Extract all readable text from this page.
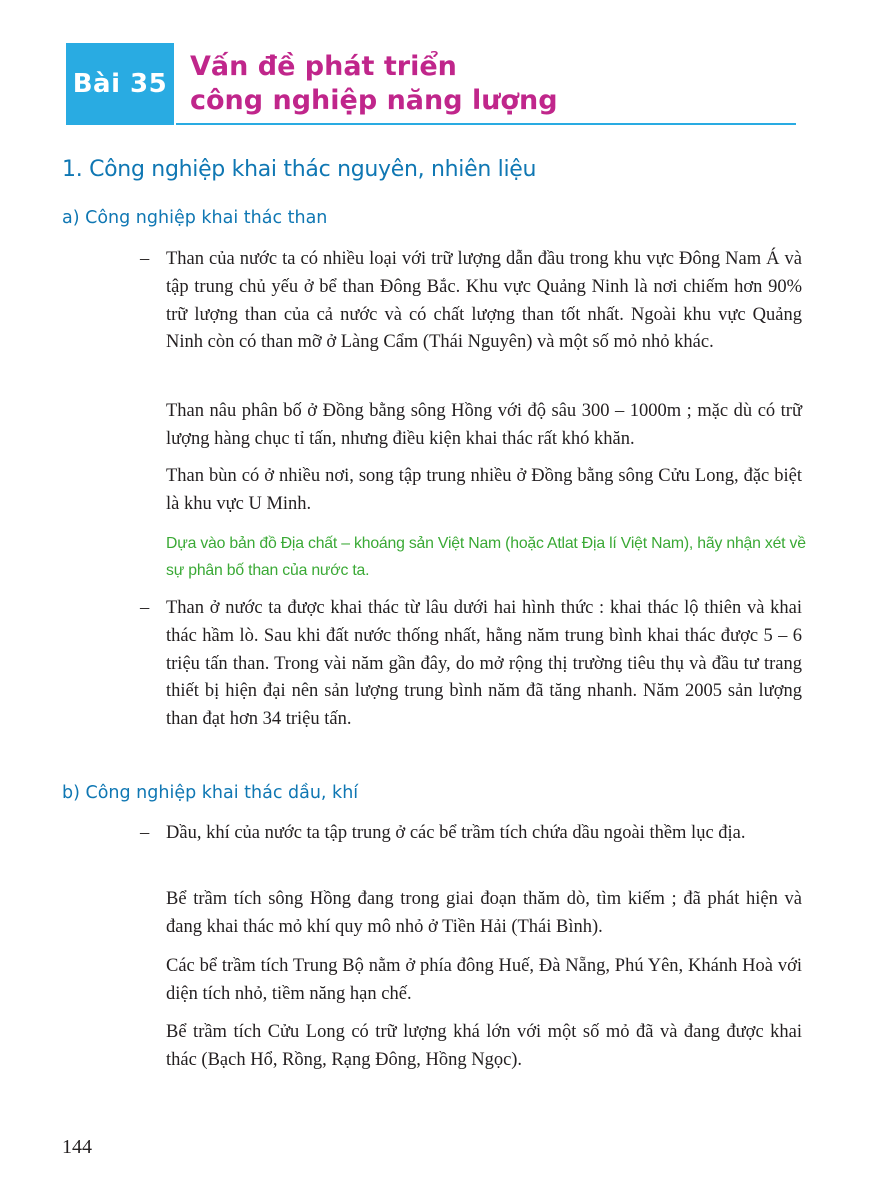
Bài 35
Vấn đề phát triển
công nghiệp năng lượng
1. Công nghiệp khai thác nguyên, nhiên liệu
a) Công nghiệp khai thác than
– Than của nước ta có nhiều loại với trữ lượng dẫn đầu trong khu vực Đông Nam Á và tập trung chủ yếu ở bể than Đông Bắc. Khu vực Quảng Ninh là nơi chiếm hơn 90% trữ lượng than của cả nước và có chất lượng than tốt nhất. Ngoài khu vực Quảng Ninh còn có than mỡ ở Làng Cẩm (Thái Nguyên) và một số mỏ nhỏ khác.

Than nâu phân bố ở Đồng bằng sông Hồng với độ sâu 300 – 1000m ; mặc dù có trữ lượng hàng chục tỉ tấn, nhưng điều kiện khai thác rất khó khăn.

Than bùn có ở nhiều nơi, song tập trung nhiều ở Đồng bằng sông Cửu Long, đặc biệt là khu vực U Minh.

Dựa vào bản đồ Địa chất – khoáng sản Việt Nam (hoặc Atlat Địa lí Việt Nam), hãy nhận xét về sự phân bố than của nước ta.

– Than ở nước ta được khai thác từ lâu dưới hai hình thức : khai thác lộ thiên và khai thác hầm lò. Sau khi đất nước thống nhất, hằng năm trung bình khai thác được 5 – 6 triệu tấn than. Trong vài năm gần đây, do mở rộng thị trường tiêu thụ và đầu tư trang thiết bị hiện đại nên sản lượng trung bình năm đã tăng nhanh. Năm 2005 sản lượng than đạt hơn 34 triệu tấn.

b) Công nghiệp khai thác dầu, khí
– Dầu, khí của nước ta tập trung ở các bể trầm tích chứa dầu ngoài thềm lục địa.

Bể trầm tích sông Hồng đang trong giai đoạn thăm dò, tìm kiếm ; đã phát hiện và đang khai thác mỏ khí quy mô nhỏ ở Tiền Hải (Thái Bình).

Các bể trầm tích Trung Bộ nằm ở phía đông Huế, Đà Nẵng, Phú Yên, Khánh Hoà với diện tích nhỏ, tiềm năng hạn chế.

Bể trầm tích Cửu Long có trữ lượng khá lớn với một số mỏ đã và đang được khai thác (Bạch Hổ, Rồng, Rạng Đông, Hồng Ngọc).

144
